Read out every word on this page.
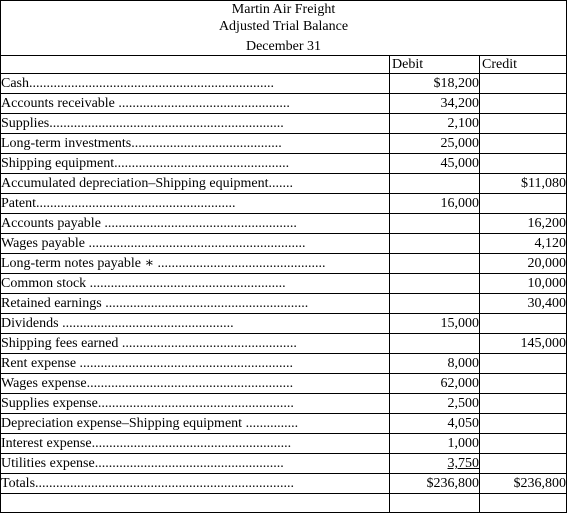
Martin Air Freight		
Adjusted Trial Balance		
December 31		
	Debit	Credit
Cash......................................................................	$18,200	
Accounts receivable .................................................	34,200	
Supplies...................................................................	2,100	
Long-term investments...........................................	25,000	
Shipping equipment..................................................	45,000	
Accumulated depreciation–Shipping equipment.......		$11,080
Patent.........................................................	16,000	
Accounts payable .......................................................		16,200
Wages payable ..............................................................		4,120
Long-term notes payable ∗ ................................................		20,000
Common stock ........................................................		10,000
Retained earnings ..........................................................		30,400
Dividends .................................................	15,000	
Shipping fees earned ..................................................		145,000
Rent expense .............................................................	8,000	
Wages expense...........................................................	62,000	
Supplies expense........................................................	2,500	
Depreciation expense–Shipping equipment ...............	4,050	
Interest expense.........................................................	1,000	
Utilities expense......................................................	3,750	
Totals..........................................................................	$236,800	$236,800
